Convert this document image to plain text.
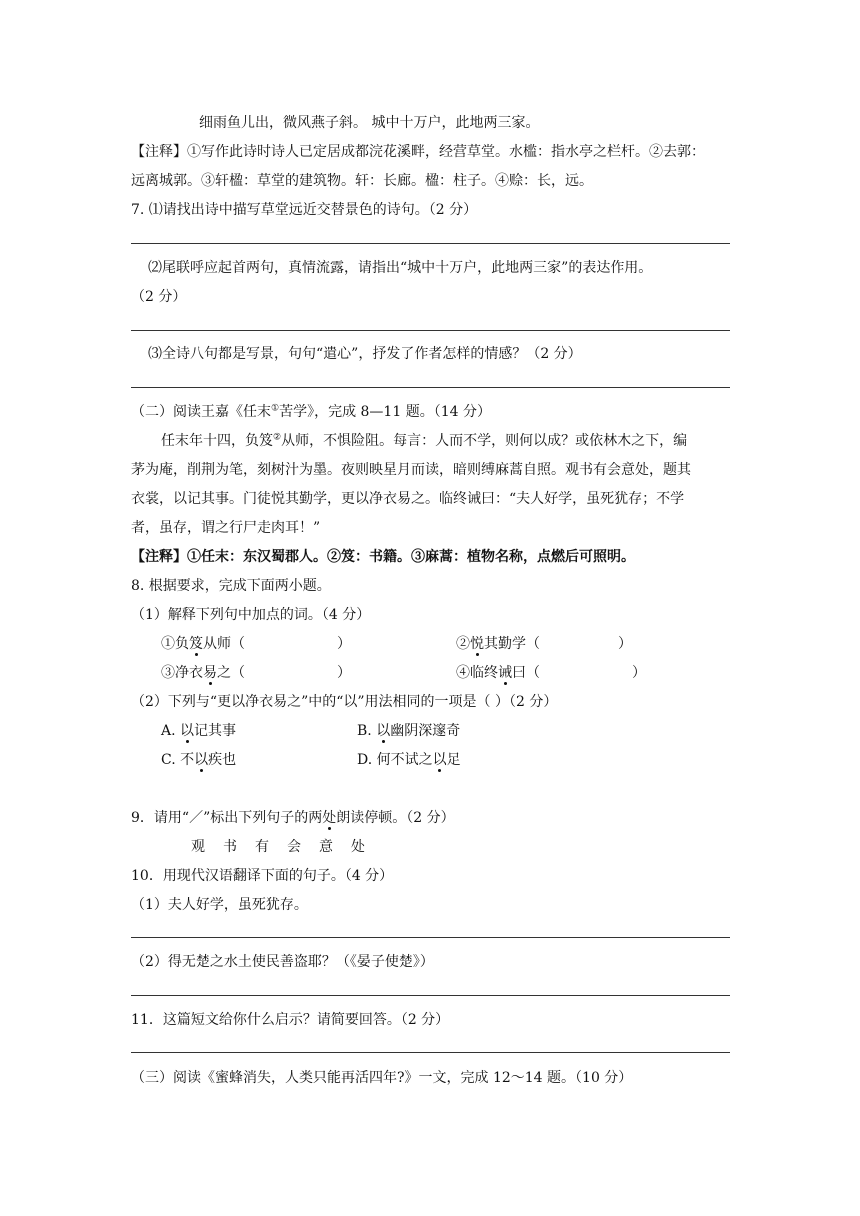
细雨鱼儿出，微风燕子斜。 城中十万户，此地两三家。
【注释】①写作此诗时诗人已定居成都浣花溪畔，经营草堂。水槛：指水亭之栏杆。②去郭：
远离城郭。③轩楹：草堂的建筑物。轩：长廊。楹：柱子。④赊：长，远。
7. ⑴请找出诗中描写草堂远近交替景色的诗句。（2 分）
⑵尾联呼应起首两句，真情流露，请指出“城中十万户，此地两三家”的表达作用。
（2 分）
⑶全诗八句都是写景，句句“遣心”，抒发了作者怎样的情感？（2 分）
（二）阅读王嘉《任末①苦学》，完成 8—11 题。（14 分）
任末年十四，负笈②从师，不惧险阻。每言：人而不学，则何以成？或依林木之下，编
茅为庵，削荆为笔，刻树汁为墨。夜则映星月而读，暗则缚麻蒿自照。观书有会意处，题其
衣裳，以记其事。门徒悦其勤学，更以净衣易之。临终诫曰：“夫人好学，虽死犹存；不学
者，虽存，谓之行尸走肉耳！”
【注释】①任末：东汉蜀郡人。②笈：书籍。③麻蒿：植物名称，点燃后可照明。
8. 根据要求，完成下面两小题。
（1）解释下列句中加点的词。（4 分）
①负笈从师（	）	②悦其勤学（	）
③净衣易之（	）	④临终诫曰（	）
（2）下列与“更以净衣易之”中的“以”用法相同的一项是（ ）（2 分）
A. 以记其事	B. 以幽阴深邃奇
C. 不以疾也	D. 何不试之以足
9．请用“／”标出下列句子的两处朗读停顿。（2 分）
观书有会意处
10．用现代汉语翻译下面的句子。（4 分）
（1）夫人好学，虽死犹存。
（2）得无楚之水土使民善盗耶？（《晏子使楚》）
11．这篇短文给你什么启示？请简要回答。（2 分）
（三）阅读《蜜蜂消失，人类只能再活四年?》一文，完成 12～14 题。（10 分）
